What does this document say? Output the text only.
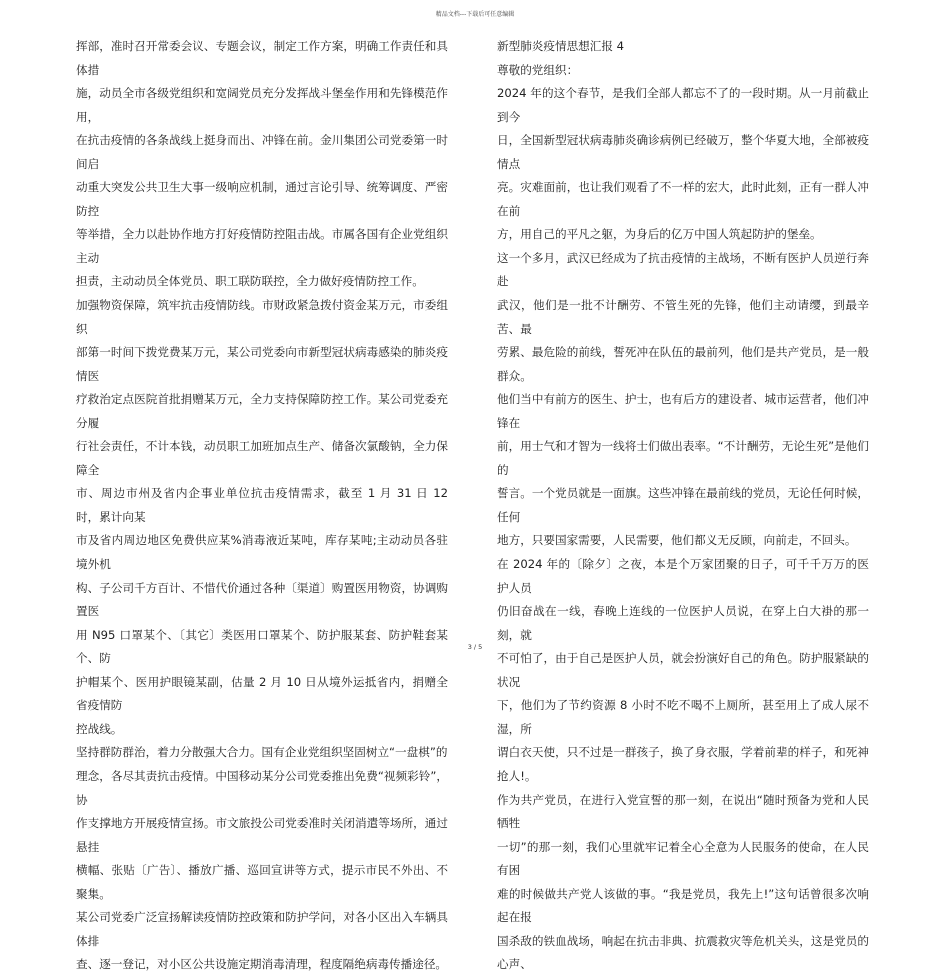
精品文档---下载后可任意编辑

挥部，准时召开常委会议、专题会议，制定工作方案，明确工作责任和具体措

施，动员全市各级党组织和宽阔党员充分发挥战斗堡垒作用和先锋模范作用，

在抗击疫情的各条战线上挺身而出、冲锋在前。金川集团公司党委第一时间启

动重大突发公共卫生大事一级响应机制，通过言论引导、统筹调度、严密防控

等举措，全力以赴协作地方打好疫情防控阻击战。市属各国有企业党组织主动

担责，主动动员全体党员、职工联防联控，全力做好疫情防控工作。

加强物资保障，筑牢抗击疫情防线。市财政紧急拨付资金某万元，市委组织

部第一时间下拨党费某万元，某公司党委向市新型冠状病毒感染的肺炎疫情医

疗救治定点医院首批捐赠某万元，全力支持保障防控工作。某公司党委充分履

行社会责任，不计本钱，动员职工加班加点生产、储备次氯酸钠，全力保障全

市、周边市州及省内企事业单位抗击疫情需求，截至 1 月 31 日 12 时，累计向某

市及省内周边地区免费供应某%消毒液近某吨，库存某吨;主动动员各驻境外机

构、子公司千方百计、不惜代价通过各种〔渠道〕购置医用物资，协调购置医

用 N95 口罩某个、〔其它〕类医用口罩某个、防护服某套、防护鞋套某个、防

护帽某个、医用护眼镜某副，估量 2 月 10 日从境外运抵省内，捐赠全省疫情防

控战线。

坚持群防群治，着力分散强大合力。国有企业党组织坚固树立“一盘棋”的

理念，各尽其责抗击疫情。中国移动某分公司党委推出免费“视频彩铃”，协

作支撑地方开展疫情宣扬。市文旅投公司党委准时关闭消遣等场所，通过悬挂

横幅、张贴〔广告〕、播放广播、巡回宣讲等方式，提示市民不外出、不聚集。

某公司党委广泛宣扬解读疫情防控政策和防护学问，对各小区出入车辆具体排

查、逐一登记，对小区公共设施定期消毒清理，程度隔绝病毒传播途径。

新型肺炎疫情思想汇报 4

尊敬的党组织：

2024 年的这个春节，是我们全部人都忘不了的一段时期。从一月前截止到今

日，全国新型冠状病毒肺炎确诊病例已经破万，整个华夏大地，全部被疫情点

亮。灾难面前，也让我们观看了不一样的宏大，此时此刻，正有一群人冲在前

方，用自己的平凡之躯，为身后的亿万中国人筑起防护的堡垒。

这一个多月，武汉已经成为了抗击疫情的主战场，不断有医护人员逆行奔赴

武汉，他们是一批不计酬劳、不管生死的先锋，他们主动请缨，到最辛苦、最

劳累、最危险的前线，誓死冲在队伍的最前列，他们是共产党员，是一般群众。

他们当中有前方的医生、护士，也有后方的建设者、城市运营者，他们冲锋在

前，用士气和才智为一线将士们做出表率。“不计酬劳，无论生死”是他们的

誓言。一个党员就是一面旗。这些冲锋在最前线的党员，无论任何时候，任何

地方，只要国家需要，人民需要，他们都义无反顾，向前走，不回头。

在 2024 年的〔除夕〕之夜，本是个万家团聚的日子，可千千万万的医护人员

仍旧奋战在一线，春晚上连线的一位医护人员说，在穿上白大褂的那一刻，就

不可怕了，由于自己是医护人员，就会扮演好自己的角色。防护服紧缺的状况

下，他们为了节约资源 8 小时不吃不喝不上厕所，甚至用上了成人尿不湿，所

谓白衣天使，只不过是一群孩子，换了身衣服，学着前辈的样子，和死神抢人!。

作为共产党员，在进行入党宣誓的那一刻，在说出“随时预备为党和人民牺牲

一切”的那一刻，我们心里就牢记着全心全意为人民服务的使命，在人民有困

难的时候做共产党人该做的事。“我是党员，我先上!”这句话曾很多次响起在报

国杀敌的铁血战场，响起在抗击非典、抗震救灾等危机关头，这是党员的心声、

3 / 5
